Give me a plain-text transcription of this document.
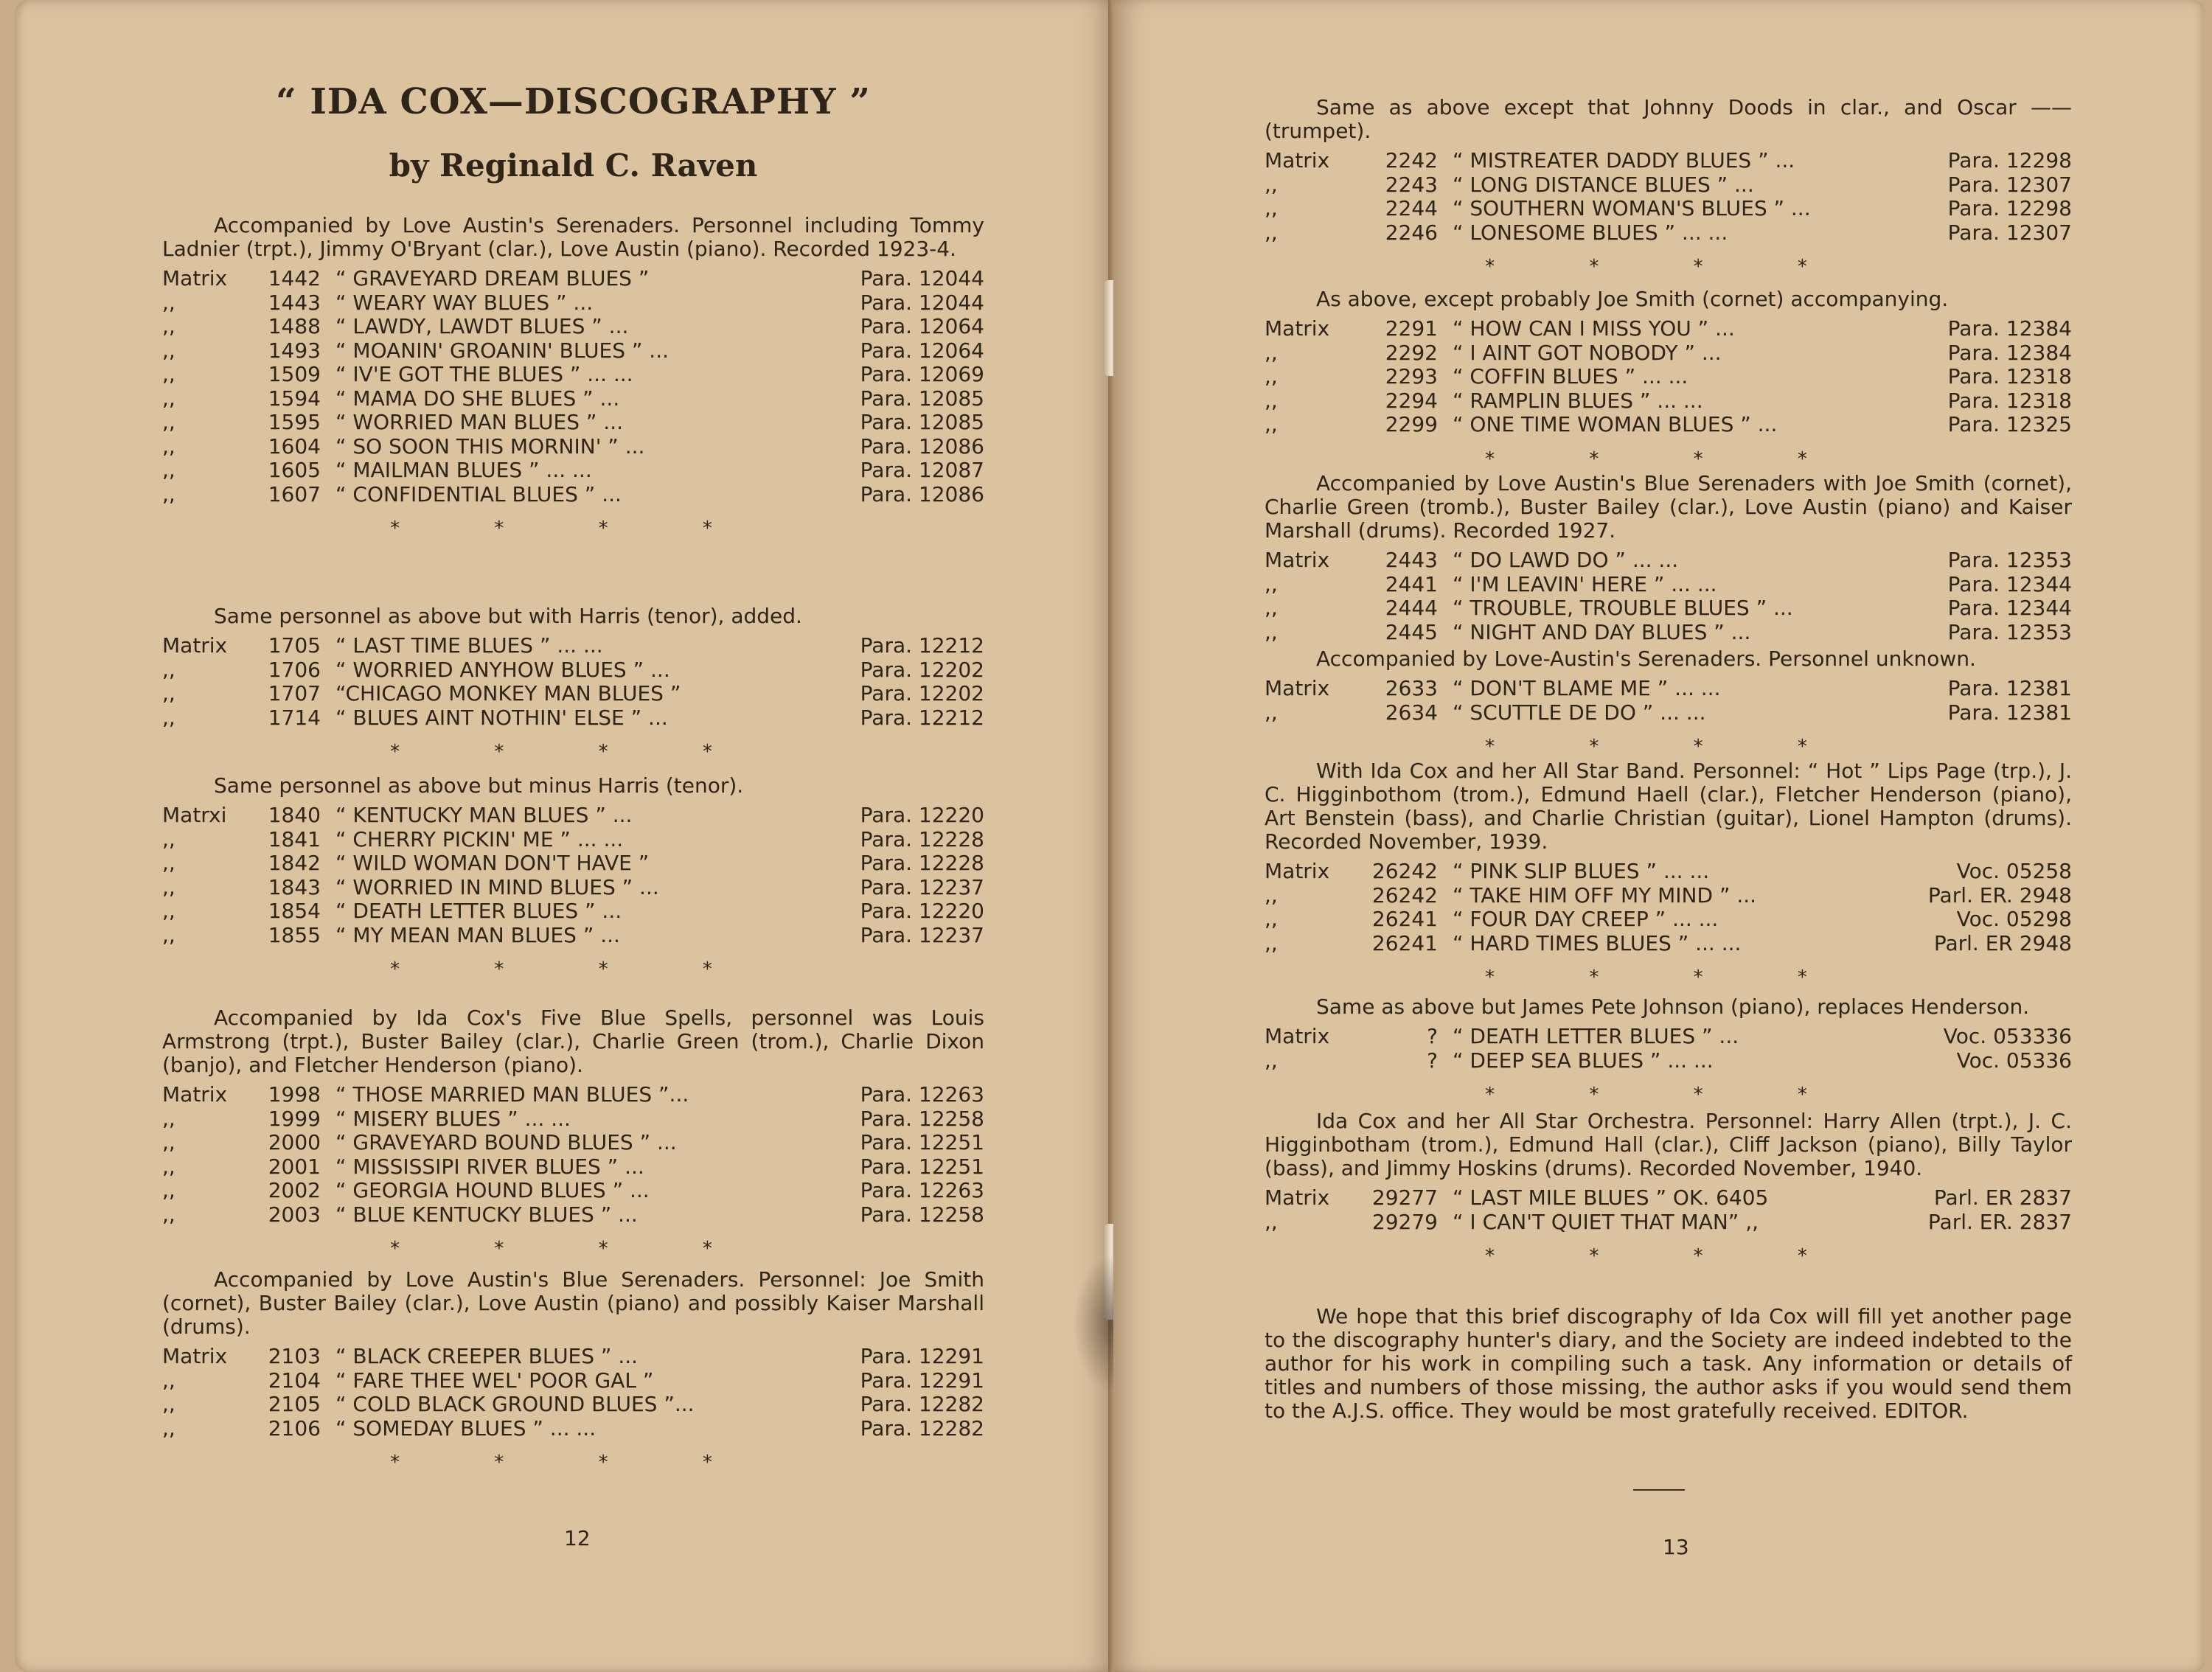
“ IDA COX—DISCOGRAPHY ”
by Reginald C. Raven

Accompanied by Love Austin's Serenaders. Personnel including Tommy Ladnier (trpt.), Jimmy O'Bryant (clar.), Love Austin (piano). Recorded 1923-4.

Matrix	1442 “ GRAVEYARD DREAM BLUES ”	Para. 12044
,,	1443 “ WEARY WAY BLUES ” ...	Para. 12044
,,	1488 “ LAWDY, LAWDT BLUES ” ...	Para. 12064
,,	1493 “ MOANIN' GROANIN' BLUES ” ...	Para. 12064
,,	1509 “ IV'E GOT THE BLUES ” ... ...	Para. 12069
,,	1594 “ MAMA DO SHE BLUES ” ...	Para. 12085
,,	1595 “ WORRIED MAN BLUES ” ...	Para. 12085
,,	1604 “ SO SOON THIS MORNIN' ” ...	Para. 12086
,,	1605 “ MAILMAN BLUES ” ... ...	Para. 12087
,,	1607 “ CONFIDENTIAL BLUES ” ...	Para. 12086
* * * *

Same personnel as above but with Harris (tenor), added.

Matrix	1705 “ LAST TIME BLUES ” ... ...	Para. 12212
,,	1706 “ WORRIED ANYHOW BLUES ” ...	Para. 12202
,,	1707 “CHICAGO MONKEY MAN BLUES ”	Para. 12202
,,	1714 “ BLUES AINT NOTHIN' ELSE ” ...	Para. 12212
* * * *

Same personnel as above but minus Harris (tenor).

Matrxi	1840 “ KENTUCKY MAN BLUES ” ...	Para. 12220
,,	1841 “ CHERRY PICKIN' ME ” ... ...	Para. 12228
,,	1842 “ WILD WOMAN DON'T HAVE ”	Para. 12228
,,	1843 “ WORRIED IN MIND BLUES ” ...	Para. 12237
,,	1854 “ DEATH LETTER BLUES ” ...	Para. 12220
,,	1855 “ MY MEAN MAN BLUES ” ...	Para. 12237
* * * *

Accompanied by Ida Cox's Five Blue Spells, personnel was Louis Armstrong (trpt.), Buster Bailey (clar.), Charlie Green (trom.), Charlie Dixon (banjo), and Fletcher Henderson (piano).

Matrix	1998 “ THOSE MARRIED MAN BLUES ”...	Para. 12263
,,	1999 “ MISERY BLUES ” ... ...	Para. 12258
,,	2000 “ GRAVEYARD BOUND BLUES ” ...	Para. 12251
,,	2001 “ MISSISSIPI RIVER BLUES ” ...	Para. 12251
,,	2002 “ GEORGIA HOUND BLUES ” ...	Para. 12263
,,	2003 “ BLUE KENTUCKY BLUES ” ...	Para. 12258
* * * *

Accompanied by Love Austin's Blue Serenaders. Personnel: Joe Smith (cornet), Buster Bailey (clar.), Love Austin (piano) and possibly Kaiser Marshall (drums).

Matrix	2103 “ BLACK CREEPER BLUES ” ...	Para. 12291
,,	2104 “ FARE THEE WEL' POOR GAL ”	Para. 12291
,,	2105 “ COLD BLACK GROUND BLUES ”...	Para. 12282
,,	2106 “ SOMEDAY BLUES ” ... ...	Para. 12282
* * * *
12

Same as above except that Johnny Doods in clar., and Oscar —— (trumpet).

Matrix	2242 “ MISTREATER DADDY BLUES ” ...	Para. 12298
,,	2243 “ LONG DISTANCE BLUES ” ...	Para. 12307
,,	2244 “ SOUTHERN WOMAN'S BLUES ” ...	Para. 12298
,,	2246 “ LONESOME BLUES ” ... ...	Para. 12307
* * * *

As above, except probably Joe Smith (cornet) accompanying.

Matrix	2291 “ HOW CAN I MISS YOU ” ...	Para. 12384
,,	2292 “ I AINT GOT NOBODY ” ...	Para. 12384
,,	2293 “ COFFIN BLUES ” ... ...	Para. 12318
,,	2294 “ RAMPLIN BLUES ” ... ...	Para. 12318
,,	2299 “ ONE TIME WOMAN BLUES ” ...	Para. 12325
* * * *

Accompanied by Love Austin's Blue Serenaders with Joe Smith (cornet), Charlie Green (tromb.), Buster Bailey (clar.), Love Austin (piano) and Kaiser Marshall (drums). Recorded 1927.

Matrix	2443 “ DO LAWD DO ” ... ...	Para. 12353
,,	2441 “ I'M LEAVIN' HERE ” ... ...	Para. 12344
,,	2444 “ TROUBLE, TROUBLE BLUES ” ...	Para. 12344
,,	2445 “ NIGHT AND DAY BLUES ” ...	Para. 12353

Accompanied by Love-Austin's Serenaders. Personnel unknown.

Matrix	2633 “ DON'T BLAME ME ” ... ...	Para. 12381
,,	2634 “ SCUTTLE DE DO ” ... ...	Para. 12381
* * * *

With Ida Cox and her All Star Band. Personnel: “ Hot ” Lips Page (trp.), J. C. Higginbothom (trom.), Edmund Haell (clar.), Fletcher Henderson (piano), Art Benstein (bass), and Charlie Christian (guitar), Lionel Hampton (drums). Recorded November, 1939.

Matrix	26242 “ PINK SLIP BLUES ” ... ...	Voc. 05258
,,	26242 “ TAKE HIM OFF MY MIND ” ...	Parl. ER. 2948
,,	26241 “ FOUR DAY CREEP ” ... ...	Voc. 05298
,,	26241 “ HARD TIMES BLUES ” ... ...	Parl. ER 2948
* * * *

Same as above but James Pete Johnson (piano), replaces Henderson.

Matrix	? “ DEATH LETTER BLUES ” ...	Voc. 053336
,,	? “ DEEP SEA BLUES ” ... ...	Voc. 05336
* * * *

Ida Cox and her All Star Orchestra. Personnel: Harry Allen (trpt.), J. C. Higginbotham (trom.), Edmund Hall (clar.), Cliff Jackson (piano), Billy Taylor (bass), and Jimmy Hoskins (drums). Recorded November, 1940.

Matrix	29277 “ LAST MILE BLUES ” OK. 6405	Parl. ER 2837
,,	29279 “ I CAN'T QUIET THAT MAN” ,,	Parl. ER. 2837
* * * *

We hope that this brief discography of Ida Cox will fill yet another page to the discography hunter's diary, and the Society are indeed indebted to the author for his work in compiling such a task. Any information or details of titles and numbers of those missing, the author asks if you would send them to the A.J.S. office. They would be most gratefully received. EDITOR.

13
